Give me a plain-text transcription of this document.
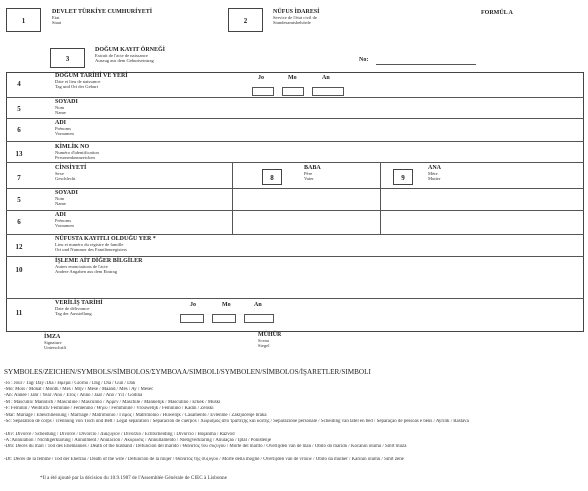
1
DEVLET TÜRKİYE CUMHURİYETİ
Etat
Staat	2
NÜFUS İDARESİ
Service de l'état civil de
Standesamtsbehörde
FORMÜL A
3
DOĞUM KAYIT ÖRNEĞİ
Extrait de l'acte de naissance
Auszug aus dem Geburtseintrag	No:
4
DOĞUM TARİHİ VE YERİ
Date et lieu de naissance
Tag und Ort der Geburt
Jo	Mo	An
5
SOYADI
Nom
Name
6
ADI
Prénoms
Vornamen
13
KİMLİK NO
Numéro d'identification
Personenkennzeichen
7
CİNSİYETİ
Sexe
Geschlecht	8
BABA
Père
Vater	9
ANA
Mère
Mutter
5
SOYADI
Nom
Name
6
ADI
Prénoms
Vornamen
12
NÜFUSTA KAYITLI OLDUĞU YER *
Lieu et numéro du registre de famille
Ort und Nummer des Familienregisters
10
İŞLEME AİT DİĞER BİLGİLER
Autres enonciations de l'acte
Andere Angaben aus dem Eintrag
11
VERİLİŞ TARİHİ
Date de délivrance
Tag der Ausstellung
Jo	Mo	An
İMZA
Signature
Unterschrift
MÜHÜR
Sceau
Siegel
SYMBOLES/ZEICHEN/SYMBOLS/SÍMBOLOS/ΣΥΜΒΟΛΑ/SIMBOLI/SYMBOLEN/SÍMBOLOS/İŞARETLER/SIMBOLI
-Jo : Jour / Tag/ Day /Día / Ημέρα / Giorno / Dag / Día / Gün / Dan
-Mo: Mois / Monat / Month / Mes / Μήν / Mese / Maand / Mês / Ay / Mesec
-An: Année / Jahr / Year /Año / Έτος / Anno / Jaar / Ano / Yıl / Godina
-M : Masculin/ Männlich / Masculine / Masculino / Άρρεν / Maschile / Mannelijk / Masculino / Erkek / Muški
-F: Féminin / Weiblich/ Feminine / Femenino / Θήλυ / Femminile / Vrouwelijk / Feminino / Kadın / Ženski
-Mar: Mariage / Eheschliessung / Marriage / Matrimonio / Γάμος / Matrimonio / Huwelijk / Casamento / Evlenme / Zaključenje braka
-Sc: Séparation de corps / Trennung von Tisch und Bett / Legal separation / Separación de cuerpos / Χωρισμός από τραπέζης και κοίτης / Separazione personale / Scheiding van tafel en bed / Separação de pessoas e bens / Ayrılık / Rastava
-Div: Divorce / Scheidung / Divorce / Divorcio / Διαζύγιον / Divorzio / Echtscheiding / Divórcio / Boşanma / Razvod
-A :Annulation / Nichtigerklärung / Annulment / Anulación / Ακύρωσις / Annullamento / Nietigverklaring / Anulação / İptal / Poništenje
-Dm: Décès du mari / Tod des Ehemannes / Death of the husband / Defunción del marido / Θάνατος του συζύγου / Morte del marito / Overlijden van de man / Óbito do marido / Kocanın ölümü / Smrt muža
-Df: Décès de la femme / Tod der Ehefrau / Death of the wife / Defunción de la mujer / Θάνατος της συζύγου / Morte della moglie / Overlijden van de vrouw / Óbito da mulher / Karının ölümü / Smrt žene
*Il a été ajouté par la décision du 10.9.1987 de l'Assemblée Générale de CIEC à Lisbonne
